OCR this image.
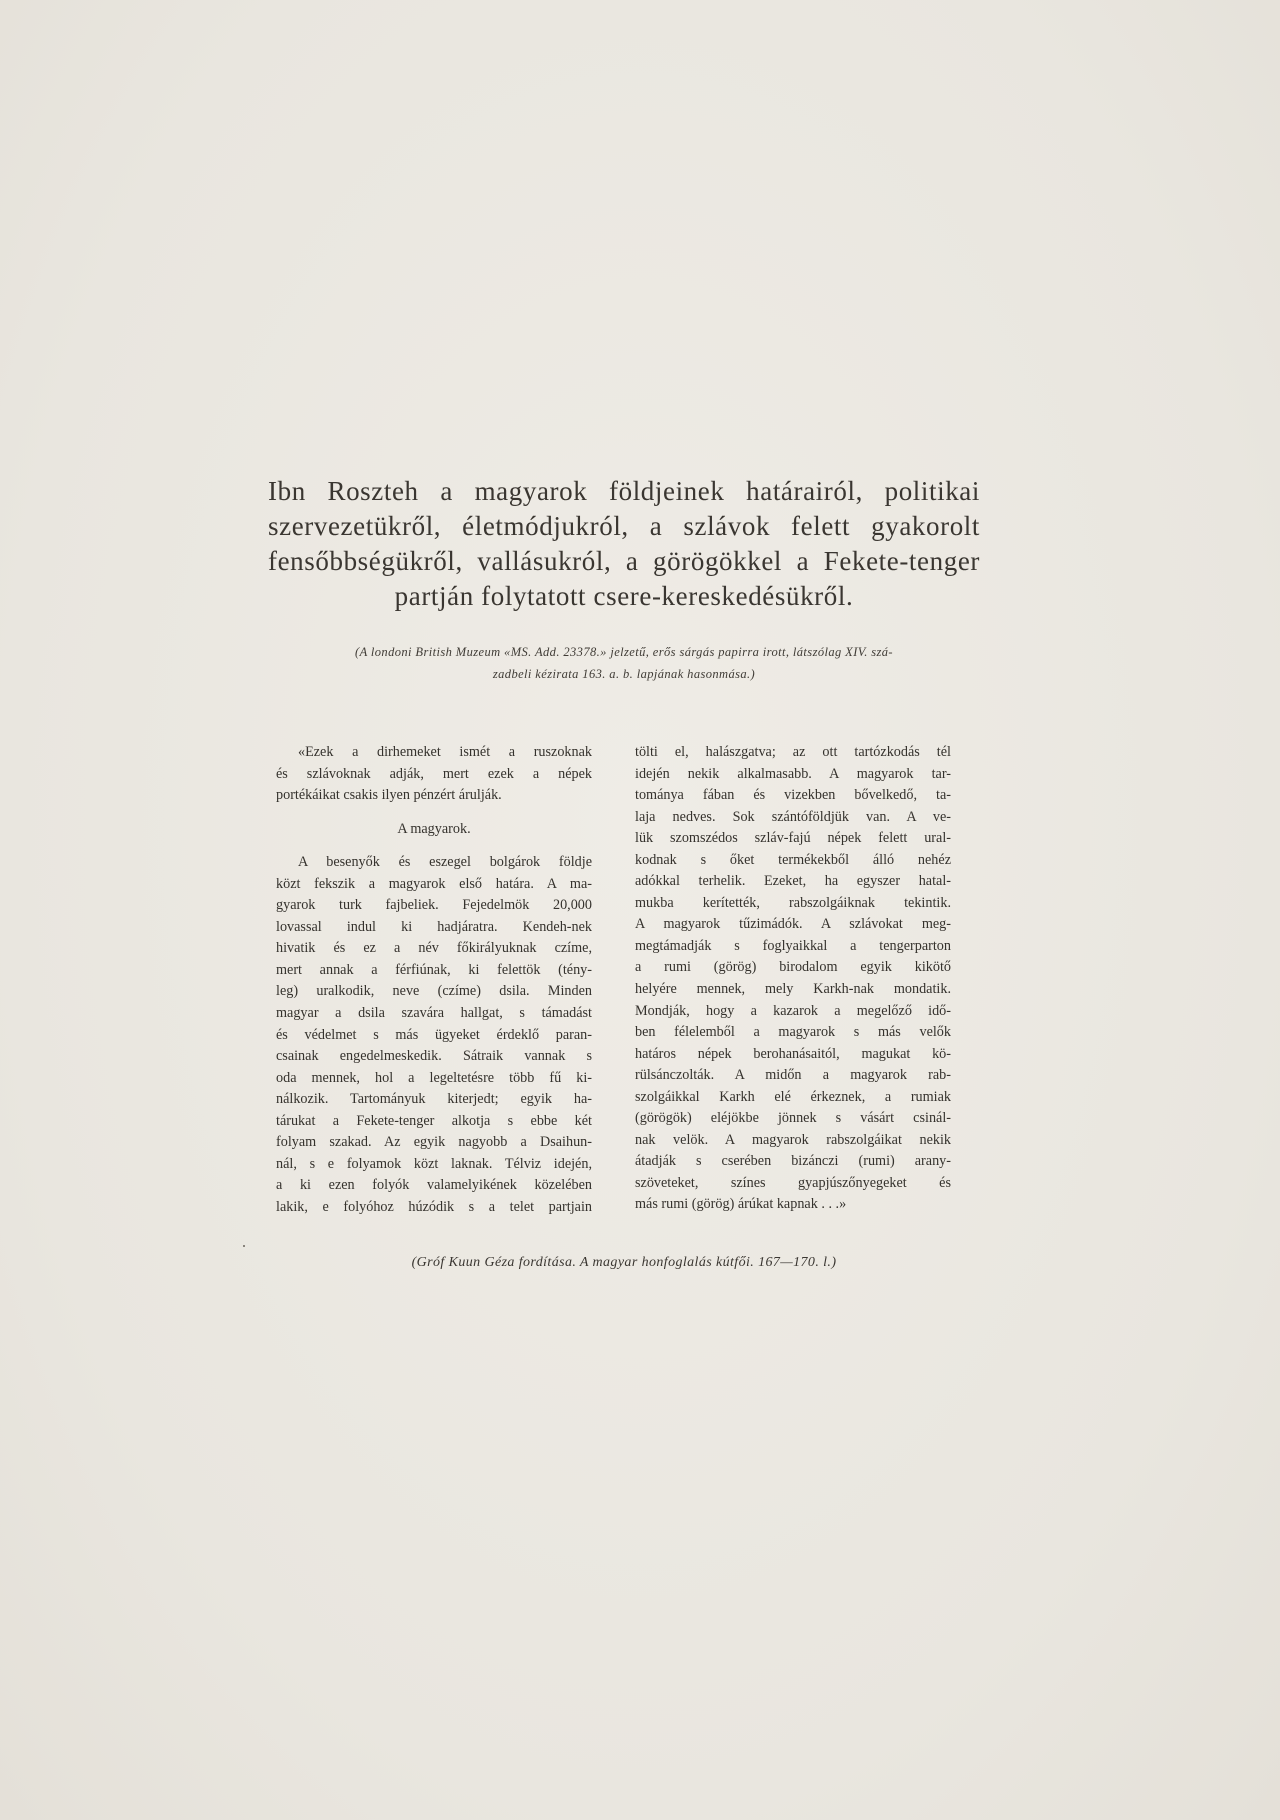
Ibn Roszteh a magyarok földjeinek határairól, politikai
szervezetükről, életmódjukról, a szlávok felett gyakorolt
fensőbbségükről, vallásukról, a görögökkel a Fekete-tenger
partján folytatott csere-kereskedésükről.
(A londoni British Muzeum «MS. Add. 23378.» jelzetű, erős sárgás papirra irott, látszólag XIV. szá-
zadbeli kézirata 163. a. b. lapjának hasonmása.)
«Ezek a dirhemeket ismét a ruszoknak
és szlávoknak adják, mert ezek a népek
portékáikat csakis ilyen pénzért árulják.
A magyarok.
A besenyők és eszegel bolgárok földje
közt fekszik a magyarok első határa. A ma-
gyarok turk fajbeliek. Fejedelmök 20,000
lovassal indul ki hadjáratra. Kendeh-nek
hivatik és ez a név főkirályuknak czíme,
mert annak a férfiúnak, ki felettök (tény-
leg) uralkodik, neve (czíme) dsila. Minden
magyar a dsila szavára hallgat, s támadást
és védelmet s más ügyeket érdeklő paran-
csainak engedelmeskedik. Sátraik vannak s
oda mennek, hol a legeltetésre több fű ki-
nálkozik. Tartományuk kiterjedt; egyik ha-
tárukat a Fekete-tenger alkotja s ebbe két
folyam szakad. Az egyik nagyobb a Dsaihun-
nál, s e folyamok közt laknak. Télviz idején,
a ki ezen folyók valamelyikének közelében
lakik, e folyóhoz húzódik s a telet partjain
tölti el, halászgatva; az ott tartózkodás tél
idején nekik alkalmasabb. A magyarok tar-
tománya fában és vizekben bővelkedő, ta-
laja nedves. Sok szántóföldjük van. A ve-
lük szomszédos szláv-fajú népek felett ural-
kodnak s őket termékekből álló nehéz
adókkal terhelik. Ezeket, ha egyszer hatal-
mukba kerítették, rabszolgáiknak tekintik.
A magyarok tűzimádók. A szlávokat meg-
megtámadják s foglyaikkal a tengerparton
a rumi (görög) birodalom egyik kikötő
helyére mennek, mely Karkh-nak mondatik.
Mondják, hogy a kazarok a megelőző idő-
ben félelemből a magyarok s más velők
határos népek berohanásaitól, magukat kö-
rülsánczolták. A midőn a magyarok rab-
szolgáikkal Karkh elé érkeznek, a rumiak
(görögök) eléjökbe jönnek s vásárt csinál-
nak velök. A magyarok rabszolgáikat nekik
átadják s cserében bizánczi (rumi) arany-
szöveteket, színes gyapjúszőnyegeket és
más rumi (görög) árúkat kapnak . . .»
(Gróf Kuun Géza fordítása. A magyar honfoglalás kútfői. 167—170. l.)
